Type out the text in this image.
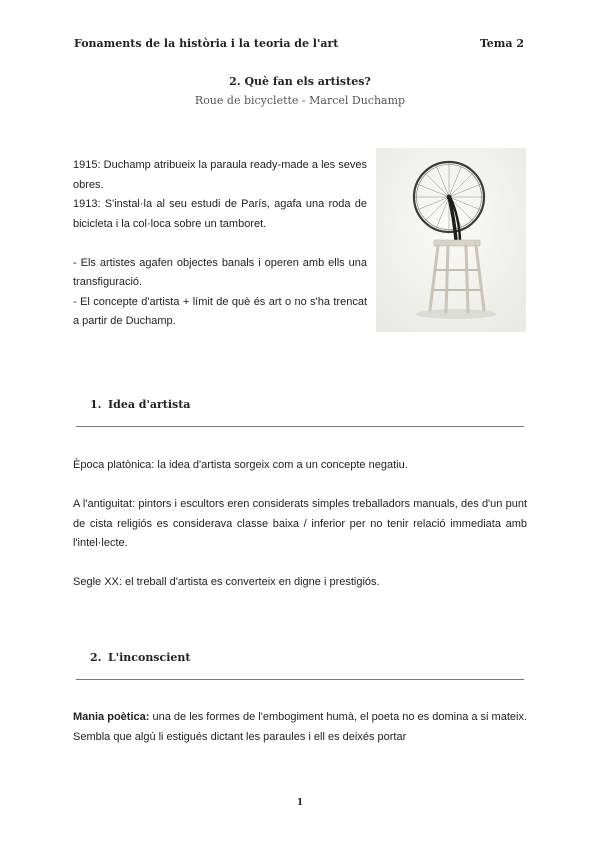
Fonaments de la història i la teoria de l'art	Tema 2
2. Què fan els artistes?
Roue de bicyclette - Marcel Duchamp

1915: Duchamp atribueix la paraula ready-made a les seves obres.

1913: S'instal·la al seu estudi de París, agafa una roda de bicicleta i la col·loca sobre un tamboret.

- Els artistes agafen objectes banals i operen amb ells una transfiguració.

- El concepte d'artista + límit de què és art o no s'ha trencat a partir de Duchamp.

1. Idea d'artista

Època platònica: la idea d'artista sorgeix com a un concepte negatiu.

A l'antiguitat: pintors i escultors eren considerats simples treballadors manuals, des d'un punt de cista religiós es considerava classe baixa / inferior per no tenir relació immediata amb l'intel·lecte.

Segle XX: el treball d'artista es converteix en digne i prestigiós.

2. L'inconscient

Mania poètica: una de les formes de l'embogiment humà, el poeta no es domina a si mateix. Sembla que algú li estigués dictant les paraules i ell es deixés portar

1
